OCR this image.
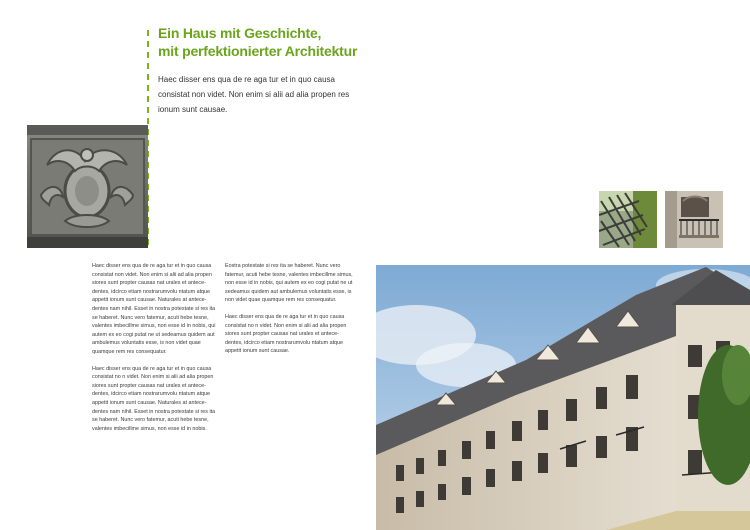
Ein Haus mit Geschichte,
mit perfektionierter Architektur
Haec disser ens qua de re aga tur et in quo causa consistat non videt. Non enim si alii ad alia propen res ionum sunt causae.

Haec disser ens qua de re aga tur et in quo causa consistat non videt. Non enim si alii ad alia propen siores sunt propter causas nat urales et antece-dentes, idcirco etiam nostrarumvolu ntatum atque appetit ionum sunt causae. Naturales at antece-dentes nam nihil. Esset in nostra potestate si res ita se haberet. Nunc vero fatemur, acuti hebe tesne, valentes imbecillme simus, non esse id in nobis, qui autem ex eo cogi putat ne ut sedeamus quidem aut ambulemus voluntatis esse, is non videt quae quamque rem res consequatur.

Haec disser ens qua de re aga tur et in quo causa consistat no n videt. Non enim si alii ad alia propen siores sunt propter causas nat urales et antece-dentes, idcirco etiam nostrarumvolu ntatum atque appetit ionum sunt causae. Naturales at antece-dentes nam nihil. Esset in nostra potestate si res ita se haberet. Nunc vero fatemur, acuti hebe tesne, valentes imbecillme simus, non esse id in nobis.

Eostra potestate si res ita se haberet. Nunc vero fatemur, acuti hebe tesne, valentes imbecillme simus, non esse id in nobis, qui autem ex eo cogi putat ne ut sedeamus quidem aut ambulemus voluntatis esse, is non videt quae quamque rem res consequatur.

Haec disser ens qua de re aga tur et in quo causa consistat no n videt. Non enim si alii ad alia propen siores sunt propter causas nat urales et antece-dentes, idcirco etiam nostrarumvolu ntatum atque appetit ionum sunt causae.
